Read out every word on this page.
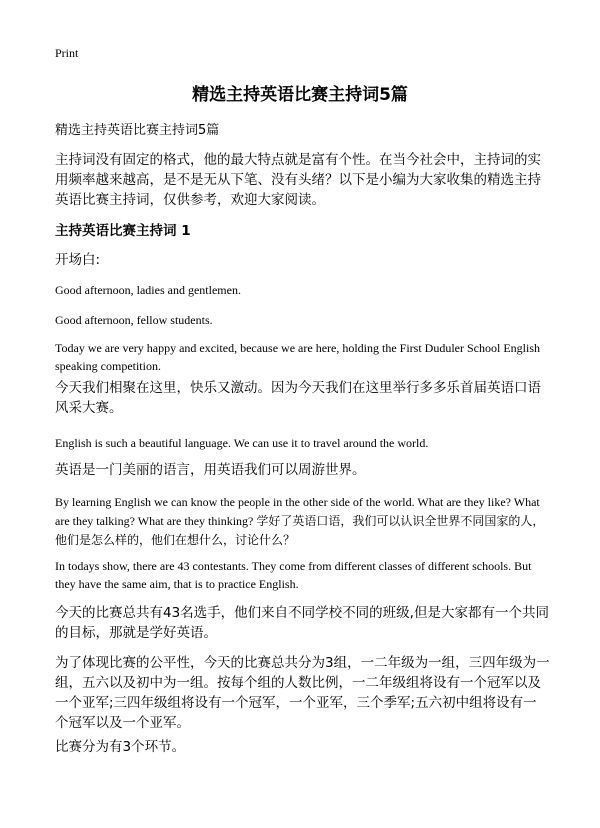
Print
精选主持英语比赛主持词5篇

精选主持英语比赛主持词5篇

主持词没有固定的格式，他的最大特点就是富有个性。在当今社会中，主持词的实用频率越来越高，是不是无从下笔、没有头绪？以下是小编为大家收集的精选主持英语比赛主持词，仅供参考，欢迎大家阅读。

主持英语比赛主持词 1

开场白:

Good afternoon, ladies and gentlemen.

Good afternoon, fellow students.

Today we are very happy and excited, because we are here, holding the First Duduler School English speaking competition.

今天我们相聚在这里，快乐又激动。因为今天我们在这里举行多多乐首届英语口语风采大赛。

English is such a beautiful language. We can use it to travel around the world.

英语是一门美丽的语言，用英语我们可以周游世界。

By learning English we can know the people in the other side of the world. What are they like? What are they talking? What are they thinking? 学好了英语口语，我们可以认识全世界不同国家的人，他们是怎么样的，他们在想什么，讨论什么？

In todays show, there are 43 contestants. They come from different classes of different schools. But they have the same aim, that is to practice English.

今天的比赛总共有43名选手，他们来自不同学校不同的班级,但是大家都有一个共同的目标，那就是学好英语。

为了体现比赛的公平性，今天的比赛总共分为3组，一二年级为一组，三四年级为一组，五六以及初中为一组。按每个组的人数比例，一二年级组将设有一个冠军以及一个亚军;三四年级组将设有一个冠军，一个亚军，三个季军;五六初中组将设有一个冠军以及一个亚军。

比赛分为有3个环节。
